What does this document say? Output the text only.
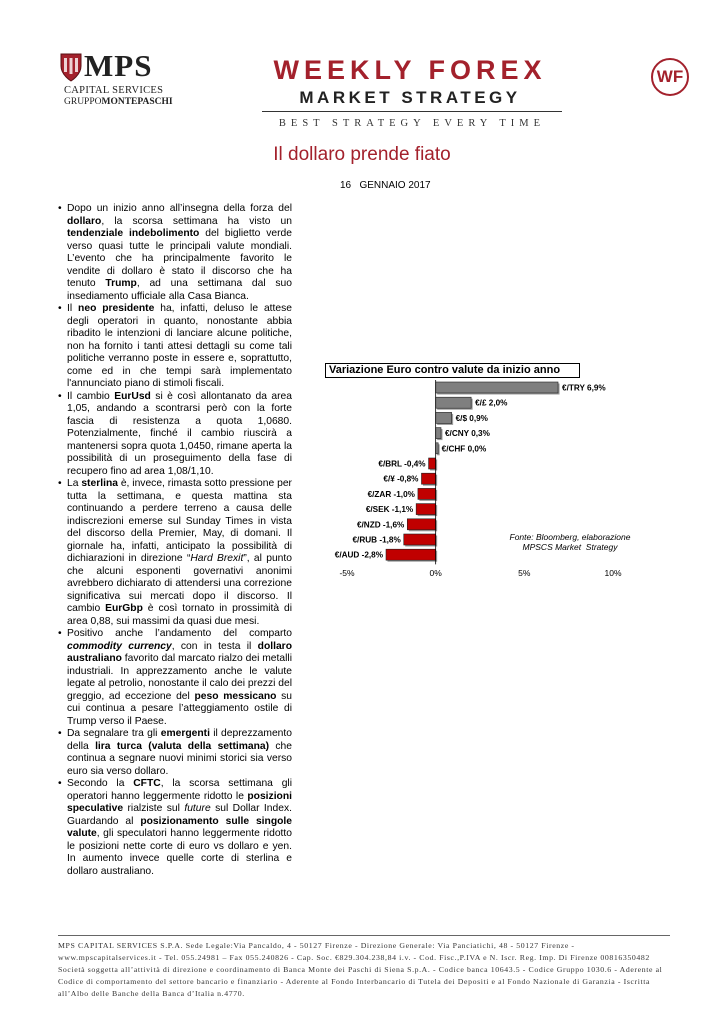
MPS
CAPITAL SERVICES
GRUPPOMONTEPASCHI
WEEKLY FOREX
MARKET STRATEGY
BEST STRATEGY EVERY TIME
WF
Il dollaro prende fiato
16   GENNAIO 2017
• Dopo un inizio anno all’insegna della forza del dollaro, la scorsa settimana ha visto un tendenziale indebolimento del biglietto verde verso quasi tutte le principali valute mondiali. L’evento che ha principalmente favorito le vendite di dollaro è stato il discorso che ha tenuto Trump, ad una settimana dal suo insediamento ufficiale alla Casa Bianca.
• Il neo presidente ha, infatti, deluso le attese degli operatori in quanto, nonostante abbia ribadito le intenzioni di lanciare alcune politiche, non ha fornito i tanti attesi dettagli su come tali politiche verranno poste in essere e, soprattutto, come ed in che tempi sarà implementato l'annunciato piano di stimoli fiscali.
• Il cambio EurUsd si è così allontanato da area 1,05, andando a scontrarsi però con la forte fascia di resistenza a quota 1,0680. Potenzialmente, finché il cambio riuscirà a mantenersi sopra quota 1,0450, rimane aperta la possibilità di un proseguimento della fase di recupero fino ad area 1,08/1,10.
• La sterlina è, invece, rimasta sotto pressione per tutta la settimana, e questa mattina sta continuando a perdere terreno a causa delle indiscrezioni emerse sul Sunday Times in vista del discorso della Premier, May, di domani. Il giornale ha, infatti, anticipato la possibilità di dichiarazioni in direzione “Hard Brexit”, al punto che alcuni esponenti governativi anonimi avrebbero dichiarato di attendersi una correzione significativa sui mercati dopo il discorso. Il cambio EurGbp è così tornato in prossimità di area 0,88, sui massimi da quasi due mesi.
• Positivo anche l’andamento del comparto commodity currency, con in testa il dollaro australiano favorito dal marcato rialzo dei metalli industriali. In apprezzamento anche le valute legate al petrolio, nonostante il calo dei prezzi del greggio, ad eccezione del peso messicano su cui continua a pesare l’atteggiamento ostile di Trump verso il Paese.
• Da segnalare tra gli emergenti il deprezzamento della lira turca (valuta della settimana) che continua a segnare nuovi minimi storici sia verso euro sia verso dollaro.
• Secondo la CFTC, la scorsa settimana gli operatori hanno leggermente ridotto le posizioni speculative rialziste sul future sul Dollar Index. Guardando al posizionamento sulle singole valute, gli speculatori hanno leggermente ridotto le posizioni nette corte di euro vs dollaro e yen. In aumento invece quelle corte di sterlina e dollaro australiano.
Variazione Euro contro valute da inizio anno
€/TRY 6,9%
€/£ 2,0%
€/$ 0,9%
€/CNY 0,3%
€/CHF 0,0%
€/BRL -0,4%
€/¥ -0,8%
€/ZAR -1,0%
€/SEK -1,1%
€/NZD -1,6%
€/RUB -1,8%
€/AUD -2,8%
-5%	0%	5%	10%
Fonte: Bloomberg, elaborazione
MPSCS Market  Strategy
MPS CAPITAL SERVICES S.P.A. Sede Legale:Via Pancaldo, 4 - 50127 Firenze - Direzione Generale: Via Panciatichi, 48 - 50127 Firenze -
www.mpscapitalservices.it - Tel. 055.24981 – Fax 055.240826 - Cap. Soc. €829.304.238,84 i.v. - Cod. Fisc.,P.IVA e N. Iscr. Reg. Imp. Di Firenze 00816350482
Società soggetta all’attività di direzione e coordinamento di Banca Monte dei Paschi di Siena S.p.A. - Codice banca 10643.5 - Codice Gruppo 1030.6 - Aderente al
Codice di comportamento del settore bancario e finanziario - Aderente al Fondo Interbancario di Tutela dei Depositi e al Fondo Nazionale di Garanzia - Iscritta
all’Albo delle Banche della Banca d’Italia n.4770.
